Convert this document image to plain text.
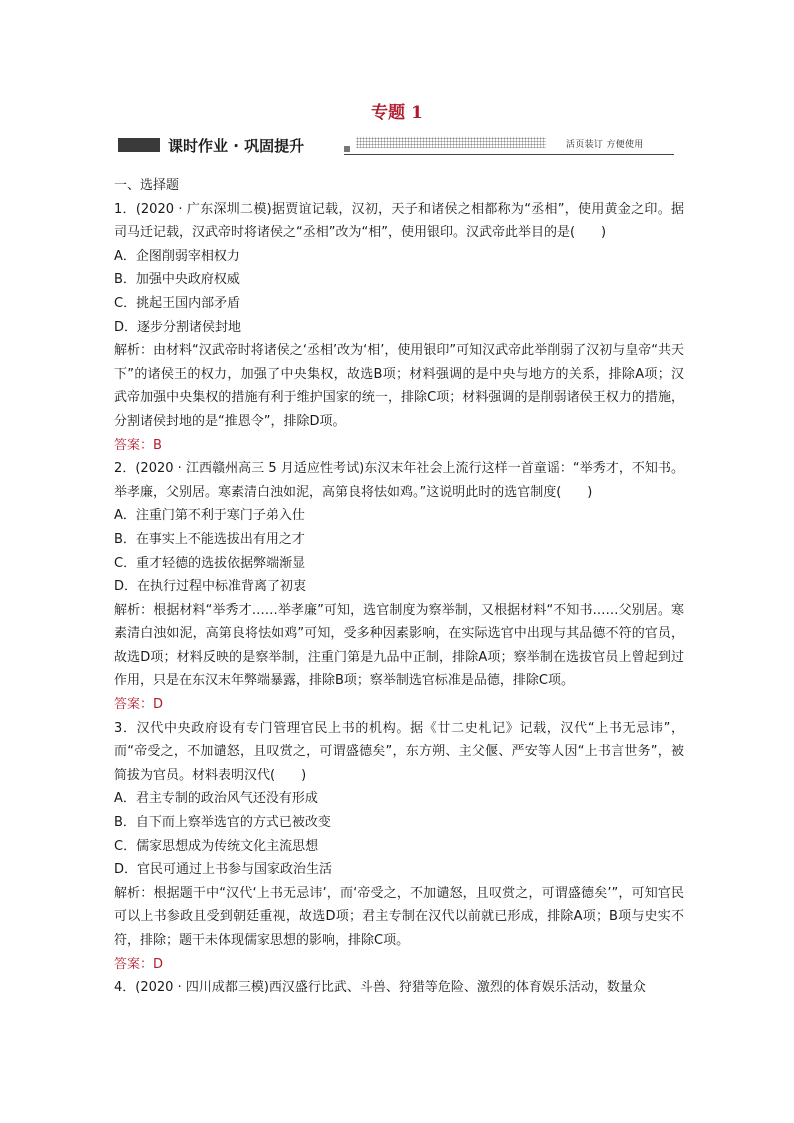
专题 1
课时作业 · 巩固提升	活页装订 方便使用

一、选择题

1．(2020 · 广东深圳二模)据贾谊记载，汉初，天子和诸侯之相都称为“丞相”，使用黄金之印。据司马迁记载，汉武帝时将诸侯之“丞相”改为“相”，使用银印。汉武帝此举目的是(　　)

A．企图削弱宰相权力

B．加强中央政府权威

C．挑起王国内部矛盾

D．逐步分割诸侯封地

解析：由材料“汉武帝时将诸侯之‘丞相’改为‘相’，使用银印”可知汉武帝此举削弱了汉初与皇帝“共天下”的诸侯王的权力，加强了中央集权，故选B项；材料强调的是中央与地方的关系，排除A项；汉武帝加强中央集权的措施有利于维护国家的统一，排除C项；材料强调的是削弱诸侯王权力的措施，分割诸侯封地的是“推恩令”，排除D项。

答案：B

2．(2020 · 江西赣州高三 5 月适应性考试)东汉末年社会上流行这样一首童谣：“举秀才，不知书。举孝廉，父别居。寒素清白浊如泥，高第良将怯如鸡。”这说明此时的选官制度(　　)

A．注重门第不利于寒门子弟入仕

B．在事实上不能选拔出有用之才

C．重才轻德的选拔依据弊端渐显

D．在执行过程中标准背离了初衷

解析：根据材料“举秀才……举孝廉”可知，选官制度为察举制，又根据材料“不知书……父别居。寒素清白浊如泥，高第良将怯如鸡”可知，受多种因素影响，在实际选官中出现与其品德不符的官员，故选D项；材料反映的是察举制，注重门第是九品中正制，排除A项；察举制在选拔官员上曾起到过作用，只是在东汉末年弊端暴露，排除B项；察举制选官标准是品德，排除C项。

答案：D

3．汉代中央政府设有专门管理官民上书的机构。据《廿二史札记》记载，汉代“上书无忌讳”，而“帝受之，不加谴怒，且叹赏之，可谓盛德矣”，东方朔、主父偃、严安等人因“上书言世务”，被简拔为官员。材料表明汉代(　　)

A．君主专制的政治风气还没有形成

B．自下而上察举选官的方式已被改变

C．儒家思想成为传统文化主流思想

D．官民可通过上书参与国家政治生活

解析：根据题干中“汉代‘上书无忌讳’，而‘帝受之，不加谴怒，且叹赏之，可谓盛德矣’”，可知官民可以上书参政且受到朝廷重视，故选D项；君主专制在汉代以前就已形成，排除A项；B项与史实不符，排除；题干未体现儒家思想的影响，排除C项。

答案：D

4．(2020 · 四川成都三模)西汉盛行比武、斗兽、狩猎等危险、激烈的体育娱乐活动，数量众
